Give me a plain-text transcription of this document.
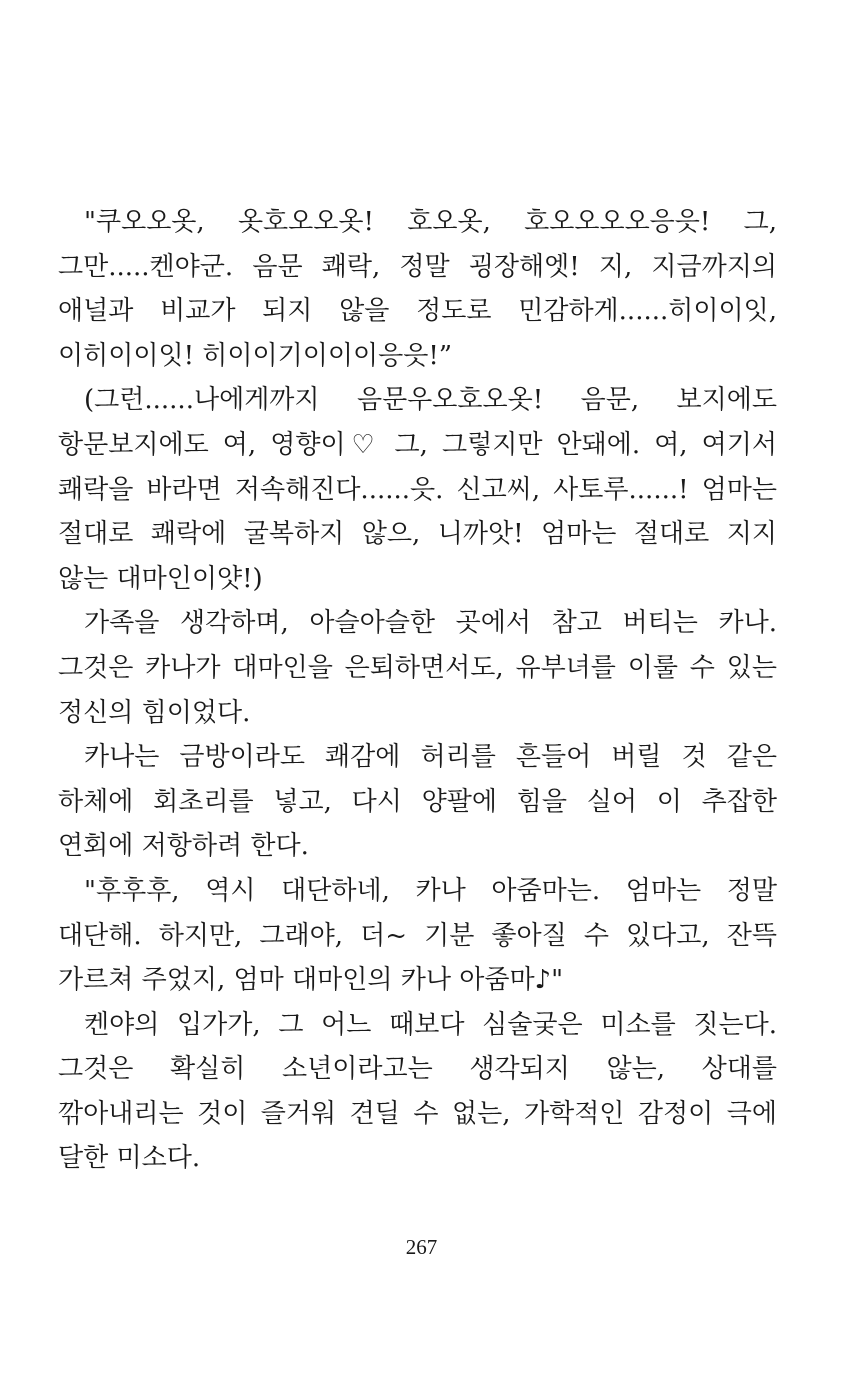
"쿠오오옷, 옷호오오옷! 호오옷, 호오오오오응읏! 그,
그만.....켄야군. 음문 쾌락, 정말 굉장해엣! 지, 지금까지의
애널과 비교가 되지 않을 정도로 민감하게......히이이잇,
이히이이잇! 히이이기이이이응읏!”
(그런......나에게까지 음문우오호오옷! 음문, 보지에도
항문보지에도 여, 영향이♡ 그, 그렇지만 안돼에. 여, 여기서
쾌락을 바라면 저속해진다......읏. 신고씨, 사토루......! 엄마는
절대로 쾌락에 굴복하지 않으, 니까앗! 엄마는 절대로 지지
않는 대마인이얏!)
가족을 생각하며, 아슬아슬한 곳에서 참고 버티는 카나.
그것은 카나가 대마인을 은퇴하면서도, 유부녀를 이룰 수 있는
정신의 힘이었다.
카나는 금방이라도 쾌감에 허리를 흔들어 버릴 것 같은
하체에 회초리를 넣고, 다시 양팔에 힘을 실어 이 추잡한
연회에 저항하려 한다.
"후후후, 역시 대단하네, 카나 아줌마는. 엄마는 정말
대단해. 하지만, 그래야, 더~ 기분 좋아질 수 있다고, 잔뜩
가르쳐 주었지, 엄마 대마인의 카나 아줌마♪"
켄야의 입가가, 그 어느 때보다 심술궂은 미소를 짓는다.
그것은 확실히 소년이라고는 생각되지 않는, 상대를
깎아내리는 것이 즐거워 견딜 수 없는, 가학적인 감정이 극에
달한 미소다.
267
